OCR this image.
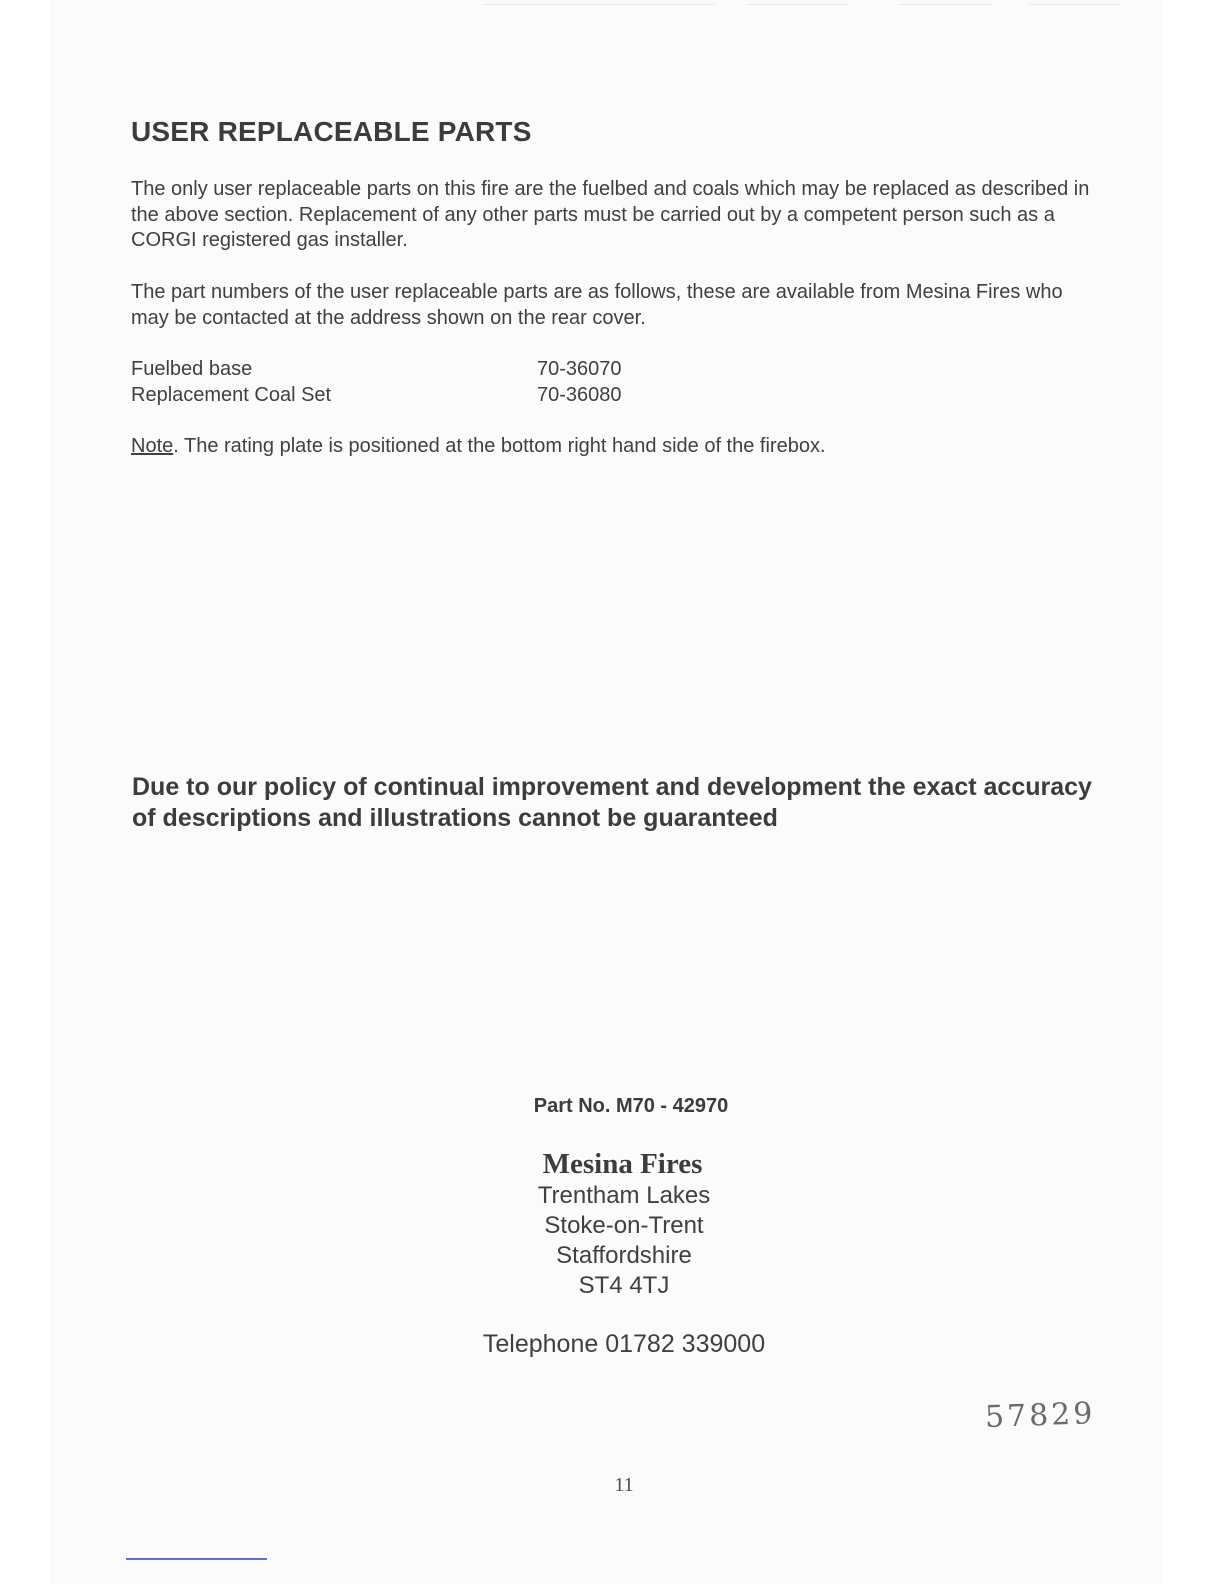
USER REPLACEABLE PARTS

The only user replaceable parts on this fire are the fuelbed and coals which may be replaced as described in the above section. Replacement of any other parts must be carried out by a competent person such as a CORGI registered gas installer.

The part numbers of the user replaceable parts are as follows, these are available from Mesina Fires who may be contacted at the address shown on the rear cover.

Fuelbed base	70-36070
Replacement Coal Set	70-36080

Note. The rating plate is positioned at the bottom right hand side of the firebox.

Due to our policy of continual improvement and development the exact accuracy of descriptions and illustrations cannot be guaranteed

Part No. M70 - 42970

Mesina Fires

Trentham Lakes
Stoke-on-Trent
Staffordshire
ST4 4TJ

Telephone 01782 339000

57829
11
